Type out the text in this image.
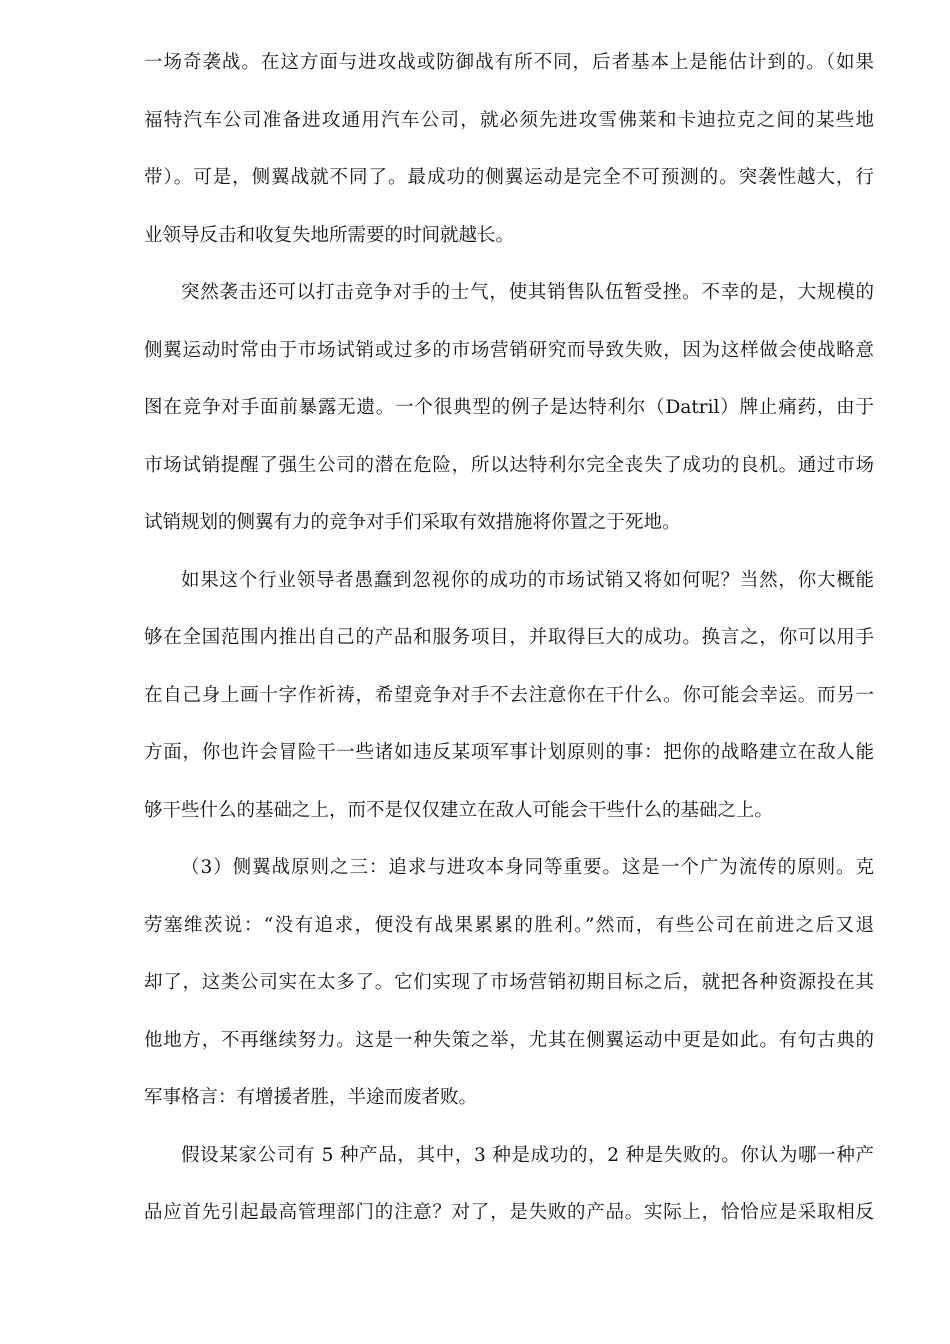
一场奇袭战。在这方面与进攻战或防御战有所不同，后者基本上是能估计到的。（如果
福特汽车公司准备进攻通用汽车公司，就必须先进攻雪佛莱和卡迪拉克之间的某些地
带）。可是，侧翼战就不同了。最成功的侧翼运动是完全不可预测的。突袭性越大，行
业领导反击和收复失地所需要的时间就越长。
突然袭击还可以打击竞争对手的士气，使其销售队伍暂受挫。不幸的是，大规模的
侧翼运动时常由于市场试销或过多的市场营销研究而导致失败，因为这样做会使战略意
图在竞争对手面前暴露无遗。一个很典型的例子是达特利尔（Datril）牌止痛药，由于
市场试销提醒了强生公司的潜在危险，所以达特利尔完全丧失了成功的良机。通过市场
试销规划的侧翼有力的竞争对手们采取有效措施将你置之于死地。
如果这个行业领导者愚蠢到忽视你的成功的市场试销又将如何呢？当然，你大概能
够在全国范围内推出自己的产品和服务项目，并取得巨大的成功。换言之，你可以用手
在自己身上画十字作祈祷，希望竞争对手不去注意你在干什么。你可能会幸运。而另一
方面，你也许会冒险干一些诸如违反某项军事计划原则的事：把你的战略建立在敌人能
够干些什么的基础之上，而不是仅仅建立在敌人可能会干些什么的基础之上。
（3）侧翼战原则之三：追求与进攻本身同等重要。这是一个广为流传的原则。克
劳塞维茨说：“没有追求，便没有战果累累的胜利。”然而，有些公司在前进之后又退
却了，这类公司实在太多了。它们实现了市场营销初期目标之后，就把各种资源投在其
他地方，不再继续努力。这是一种失策之举，尤其在侧翼运动中更是如此。有句古典的
军事格言：有增援者胜，半途而废者败。
假设某家公司有 5 种产品，其中，3 种是成功的，2 种是失败的。你认为哪一种产
品应首先引起最高管理部门的注意？对了，是失败的产品。实际上，恰恰应是采取相反
